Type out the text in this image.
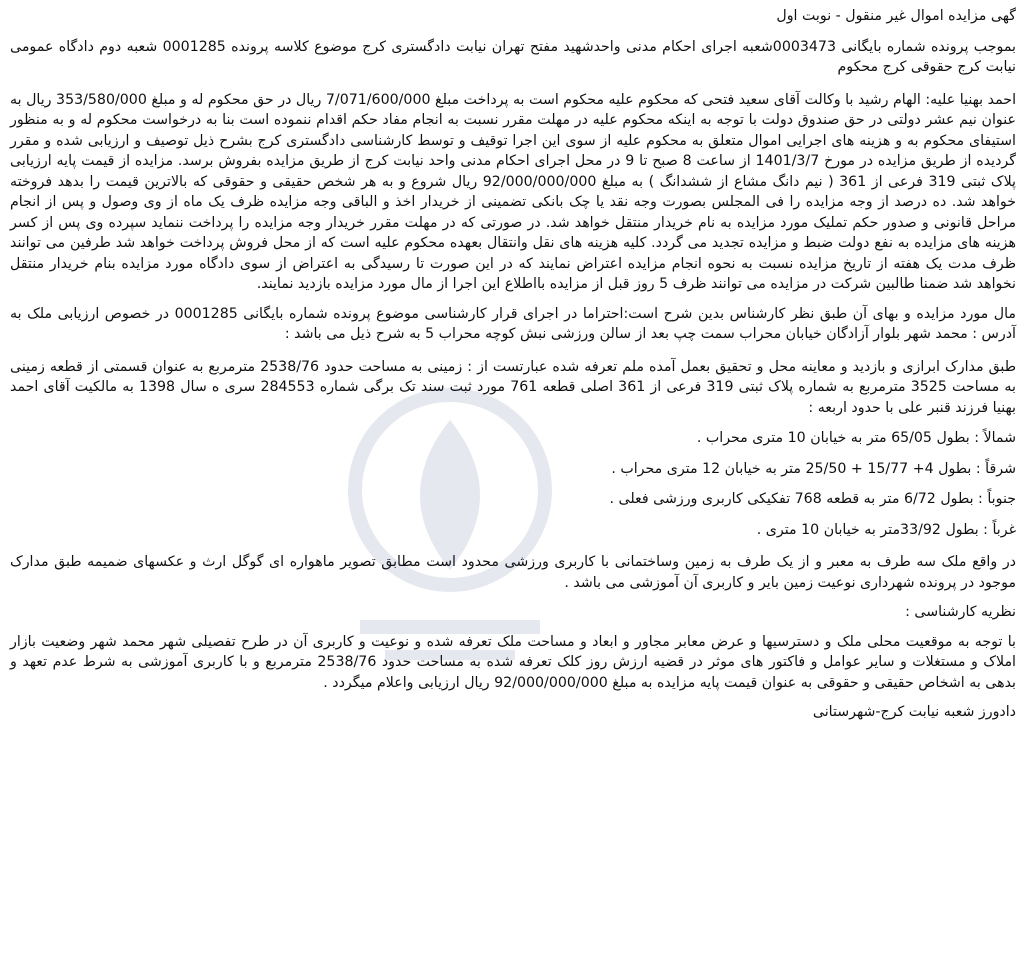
گهی مزایده اموال غیر منقول - نوبت اول

بموجب پرونده شماره بایگانی 0003473شعبه اجرای احکام مدنی واحدشهید مفتح تهران نیابت دادگستری کرج موضوع کلاسه پرونده 0001285 شعبه دوم دادگاه عمومی نیابت کرج حقوقی کرج محکوم

احمد بهنیا علیه: الهام رشید با وکالت آقای سعید فتحی که محکوم علیه محکوم است به پرداخت مبلغ 7/071/600/000 ریال در حق محکوم له و مبلغ 353/580/000 ریال به عنوان نیم عشر دولتی در حق صندوق دولت با توجه به اینکه محکوم علیه در مهلت مقرر نسبت به انجام مفاد حکم اقدام ننموده است بنا به درخواست محکوم له و به منظور استیفای محکوم به و هزینه های اجرایی اموال متعلق به محکوم علیه از سوی این اجرا توقیف و توسط کارشناسی دادگستری کرج بشرح ذیل توصیف و ارزیابی شده و مقرر گردیده از طریق مزایده در مورخ 1401/3/7 از ساعت 8 صبح تا 9 در محل اجرای احکام مدنی واحد نیابت کرج از طریق مزایده بفروش برسد. مزایده از قیمت پایه ارزیابی پلاک ثبتی 319 فرعی از 361 ( نیم دانگ مشاع از ششدانگ ) به مبلغ 92/000/000/000 ریال شروع و به هر شخص حقیقی و حقوقی که بالاترین قیمت را بدهد فروخته خواهد شد. ده درصد از وجه مزایده را فی المجلس بصورت وجه نقد یا چک بانکی تضمینی از خریدار اخذ و الباقی وجه مزایده ظرف یک ماه از وی وصول و پس از انجام مراحل قانونی و صدور حکم تملیک مورد مزایده به نام خریدار منتقل خواهد شد. در صورتی که در مهلت مقرر خریدار وجه مزایده را پرداخت ننماید سپرده وی پس از کسر هزینه های مزایده به نفع دولت ضبط و مزایده تجدید می گردد. کلیه هزینه های نقل وانتقال بعهده محکوم علیه است که از محل فروش پرداخت خواهد شد طرفین می توانند ظرف مدت یک هفته از تاریخ مزایده نسبت به نحوه انجام مزایده اعتراض نمایند که در این صورت تا رسیدگی به اعتراض از سوی دادگاه مورد مزایده بنام خریدار منتقل نخواهد شد ضمنا طالبین شرکت در مزایده می توانند ظرف 5 روز قبل از مزایده بااطلاع این اجرا از مال مورد مزایده بازدید نمایند.

مال مورد مزایده و بهای آن طبق نظر کارشناس بدین شرح است:احتراما در اجرای قرار کارشناسی موضوع پرونده شماره بایگانی 0001285 در خصوص ارزیابی ملک به آدرس : محمد شهر بلوار آزادگان خیابان محراب سمت چپ بعد از سالن ورزشی نبش کوچه محراب 5 به شرح ذیل می باشد :

طبق مدارک ابرازی و بازدید و معاینه محل و تحقیق بعمل آمده ملم تعرفه شده عبارتست از : زمینی به مساحت حدود 2538/76 مترمربع به عنوان قسمتی از قطعه زمینی به مساحت 3525 مترمربع به شماره پلاک ثبتی 319 فرعی از 361 اصلی قطعه 761 مورد ثبت سند تک برگی شماره 284553 سری ه سال 1398 به مالکیت آقای احمد بهنیا فرزند قنبر علی با حدود اربعه :

شمالاً : بطول 65/05 متر به خیابان 10 متری محراب .

شرقاً : بطول 4+ 15/77 + 25/50 متر به خیابان 12 متری محراب .

جنوباً : بطول 6/72 متر به قطعه 768 تفکیکی کاربری ورزشی فعلی .

غرباً : بطول 33/92متر به خیابان 10 متری .

در واقع ملک سه طرف به معبر و از یک طرف به زمین وساختمانی با کاربری ورزشی محدود است مطابق تصویر ماهواره ای گوگل ارث و عکسهای ضمیمه طبق مدارک موجود در پرونده شهرداری نوعیت زمین بایر و کاربری آن آموزشی می باشد .

نظریه کارشناسی :

با توجه به موقعیت محلی ملک و دسترسیها و عرض معابر مجاور و ابعاد و مساحت ملک تعرفه شده و نوعیت و کاربری آن در طرح تفصیلی شهر محمد شهر وضعیت بازار املاک و مستغلات و سایر عوامل و فاکتور های موثر در قضیه ارزش روز کلک تعرفه شده به مساحت حدود 2538/76 مترمربع و با کاربری آموزشی به شرط عدم تعهد و بدهی به اشخاص حقیقی و حقوقی به عنوان قیمت پایه مزایده به مبلغ 92/000/000/000 ریال ارزیابی واعلام میگردد .

دادورز شعبه نیابت کرج-شهرستانی
